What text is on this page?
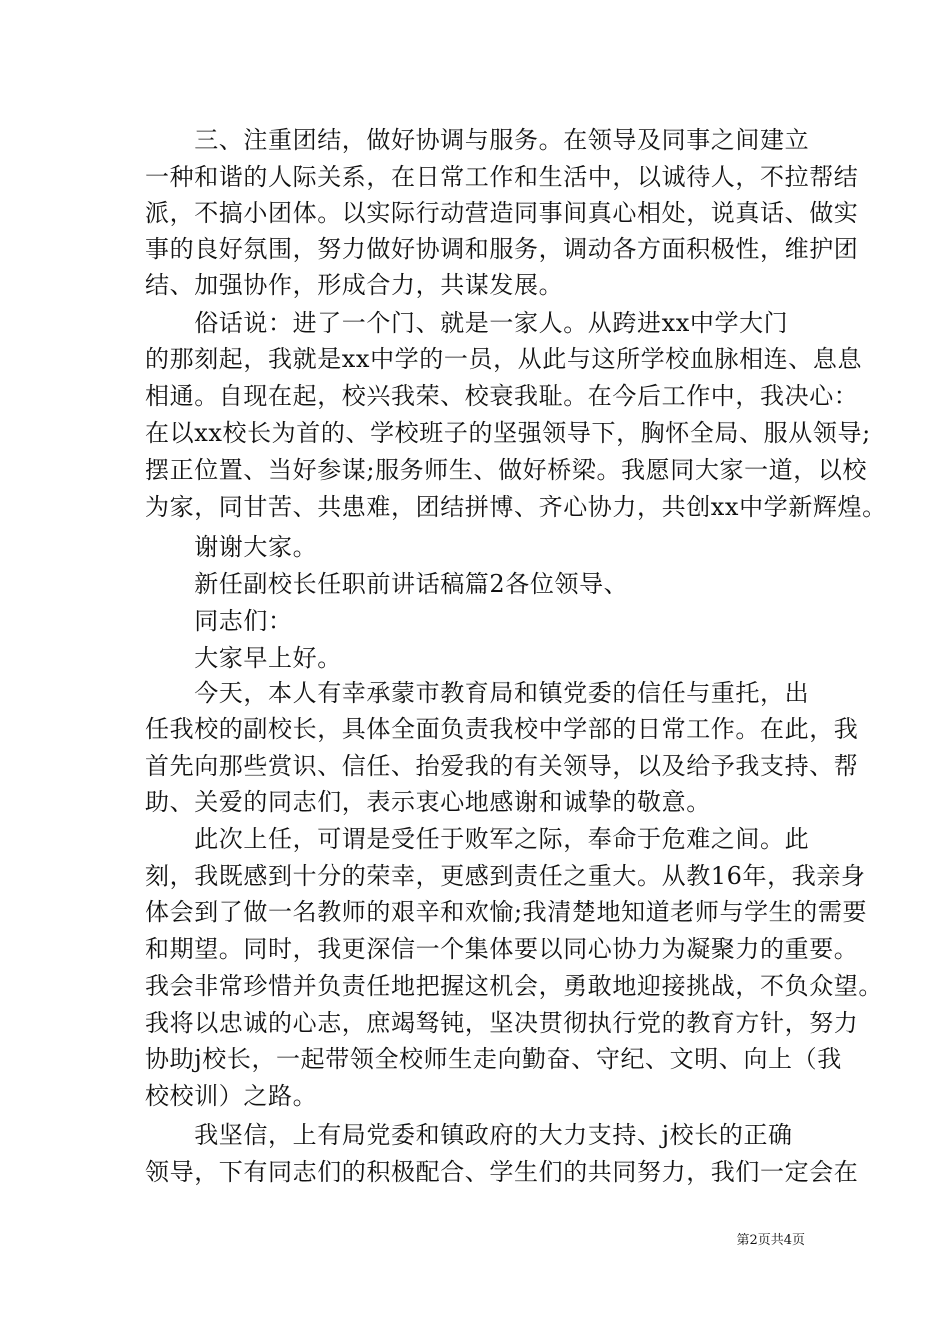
　　三、注重团结，做好协调与服务。在领导及同事之间建立
一种和谐的人际关系，在日常工作和生活中，以诚待人，不拉帮结
派，不搞小团体。以实际行动营造同事间真心相处，说真话、做实
事的良好氛围，努力做好协调和服务，调动各方面积极性，维护团
结、加强协作，形成合力，共谋发展。
　　俗话说：进了一个门、就是一家人。从跨进xx中学大门
的那刻起，我就是xx中学的一员，从此与这所学校血脉相连、息息
相通。自现在起，校兴我荣、校衰我耻。在今后工作中，我决心：
在以xx校长为首的、学校班子的坚强领导下，胸怀全局、服从领导;
摆正位置、当好参谋;服务师生、做好桥梁。我愿同大家一道，以校
为家，同甘苦、共患难，团结拼博、齐心协力，共创xx中学新辉煌。
　　谢谢大家。
　　新任副校长任职前讲话稿篇2各位领导、
　　同志们：
　　大家早上好。
　　今天，本人有幸承蒙市教育局和镇党委的信任与重托，出
任我校的副校长，具体全面负责我校中学部的日常工作。在此，我
首先向那些赏识、信任、抬爱我的有关领导，以及给予我支持、帮
助、关爱的同志们，表示衷心地感谢和诚挚的敬意。
　　此次上任，可谓是受任于败军之际，奉命于危难之间。此
刻，我既感到十分的荣幸，更感到责任之重大。从教16年，我亲身
体会到了做一名教师的艰辛和欢愉;我清楚地知道老师与学生的需要
和期望。同时，我更深信一个集体要以同心协力为凝聚力的重要。
我会非常珍惜并负责任地把握这机会，勇敢地迎接挑战，不负众望。
我将以忠诚的心志，庶竭驽钝，坚决贯彻执行党的教育方针，努力
协助j校长，一起带领全校师生走向勤奋、守纪、文明、向上（我
校校训）之路。
　　我坚信，上有局党委和镇政府的大力支持、j校长的正确
领导，下有同志们的积极配合、学生们的共同努力，我们一定会在
第2页共4页
